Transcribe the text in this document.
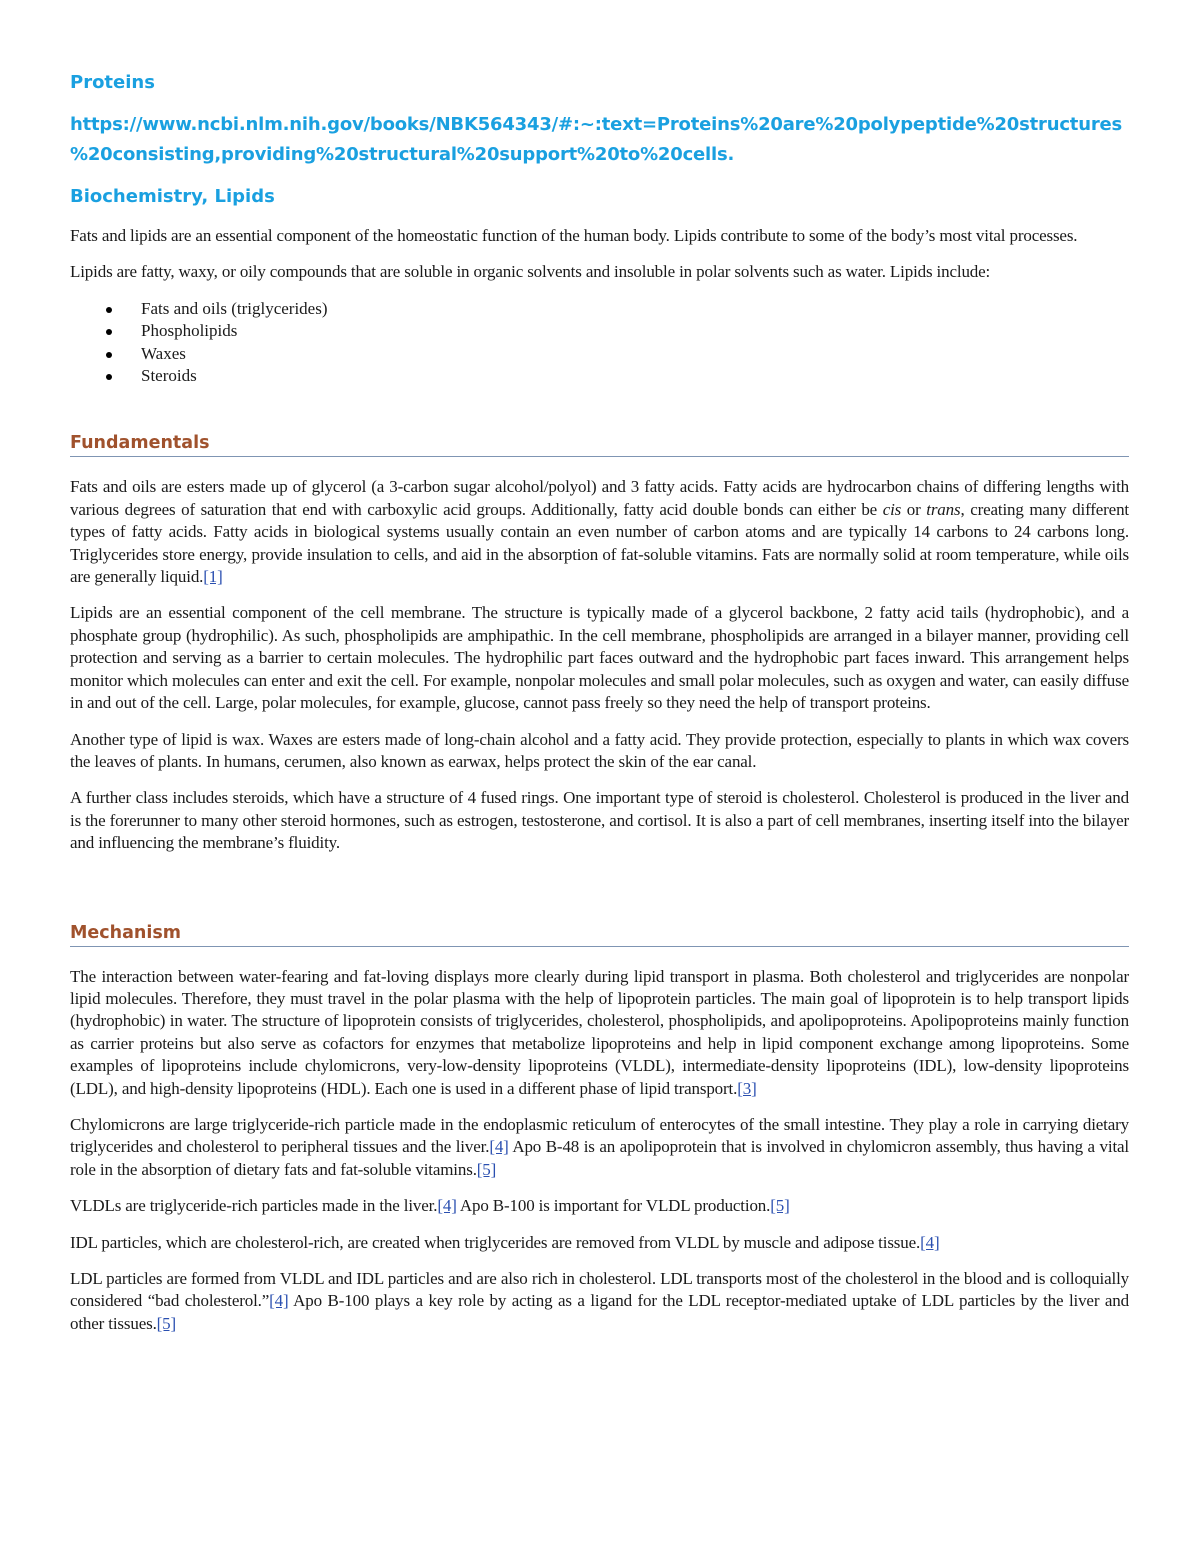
Proteins
https://www.ncbi.nlm.nih.gov/books/NBK564343/#:~:text=Proteins%20are%20polypeptide%20structures
%20consisting,providing%20structural%20support%20to%20cells.
Biochemistry, Lipids

Fats and lipids are an essential component of the homeostatic function of the human body. Lipids contribute to some of the body’s most vital processes.

Lipids are fatty, waxy, or oily compounds that are soluble in organic solvents and insoluble in polar solvents such as water. Lipids include:

Fats and oils (triglycerides)
Phospholipids
Waxes
Steroids
Fundamentals

Fats and oils are esters made up of glycerol (a 3-carbon sugar alcohol/polyol) and 3 fatty acids. Fatty acids are hydrocarbon chains of differing lengths with various degrees of saturation that end with carboxylic acid groups. Additionally, fatty acid double bonds can either be cis or trans, creating many different types of fatty acids. Fatty acids in biological systems usually contain an even number of carbon atoms and are typically 14 carbons to 24 carbons long. Triglycerides store energy, provide insulation to cells, and aid in the absorption of fat-soluble vitamins. Fats are normally solid at room temperature, while oils are generally liquid.[1]

Lipids are an essential component of the cell membrane. The structure is typically made of a glycerol backbone, 2 fatty acid tails (hydrophobic), and a phosphate group (hydrophilic). As such, phospholipids are amphipathic. In the cell membrane, phospholipids are arranged in a bilayer manner, providing cell protection and serving as a barrier to certain molecules. The hydrophilic part faces outward and the hydrophobic part faces inward. This arrangement helps monitor which molecules can enter and exit the cell. For example, nonpolar molecules and small polar molecules, such as oxygen and water, can easily diffuse in and out of the cell. Large, polar molecules, for example, glucose, cannot pass freely so they need the help of transport proteins.

Another type of lipid is wax. Waxes are esters made of long-chain alcohol and a fatty acid. They provide protection, especially to plants in which wax covers the leaves of plants. In humans, cerumen, also known as earwax, helps protect the skin of the ear canal.

A further class includes steroids, which have a structure of 4 fused rings. One important type of steroid is cholesterol. Cholesterol is produced in the liver and is the forerunner to many other steroid hormones, such as estrogen, testosterone, and cortisol. It is also a part of cell membranes, inserting itself into the bilayer and influencing the membrane’s fluidity.

Mechanism

The interaction between water-fearing and fat-loving displays more clearly during lipid transport in plasma. Both cholesterol and triglycerides are nonpolar lipid molecules. Therefore, they must travel in the polar plasma with the help of lipoprotein particles. The main goal of lipoprotein is to help transport lipids (hydrophobic) in water. The structure of lipoprotein consists of triglycerides, cholesterol, phospholipids, and apolipoproteins. Apolipoproteins mainly function as carrier proteins but also serve as cofactors for enzymes that metabolize lipoproteins and help in lipid component exchange among lipoproteins. Some examples of lipoproteins include chylomicrons, very-low-density lipoproteins (VLDL), intermediate-density lipoproteins (IDL), low-density lipoproteins (LDL), and high-density lipoproteins (HDL). Each one is used in a different phase of lipid transport.[3]

Chylomicrons are large triglyceride-rich particle made in the endoplasmic reticulum of enterocytes of the small intestine. They play a role in carrying dietary triglycerides and cholesterol to peripheral tissues and the liver.[4] Apo B-48 is an apolipoprotein that is involved in chylomicron assembly, thus having a vital role in the absorption of dietary fats and fat-soluble vitamins.[5]

VLDLs are triglyceride-rich particles made in the liver.[4] Apo B-100 is important for VLDL production.[5]

IDL particles, which are cholesterol-rich, are created when triglycerides are removed from VLDL by muscle and adipose tissue.[4]

LDL particles are formed from VLDL and IDL particles and are also rich in cholesterol. LDL transports most of the cholesterol in the blood and is colloquially considered “bad cholesterol.”[4] Apo B-100 plays a key role by acting as a ligand for the LDL receptor-mediated uptake of LDL particles by the liver and other tissues.[5]
